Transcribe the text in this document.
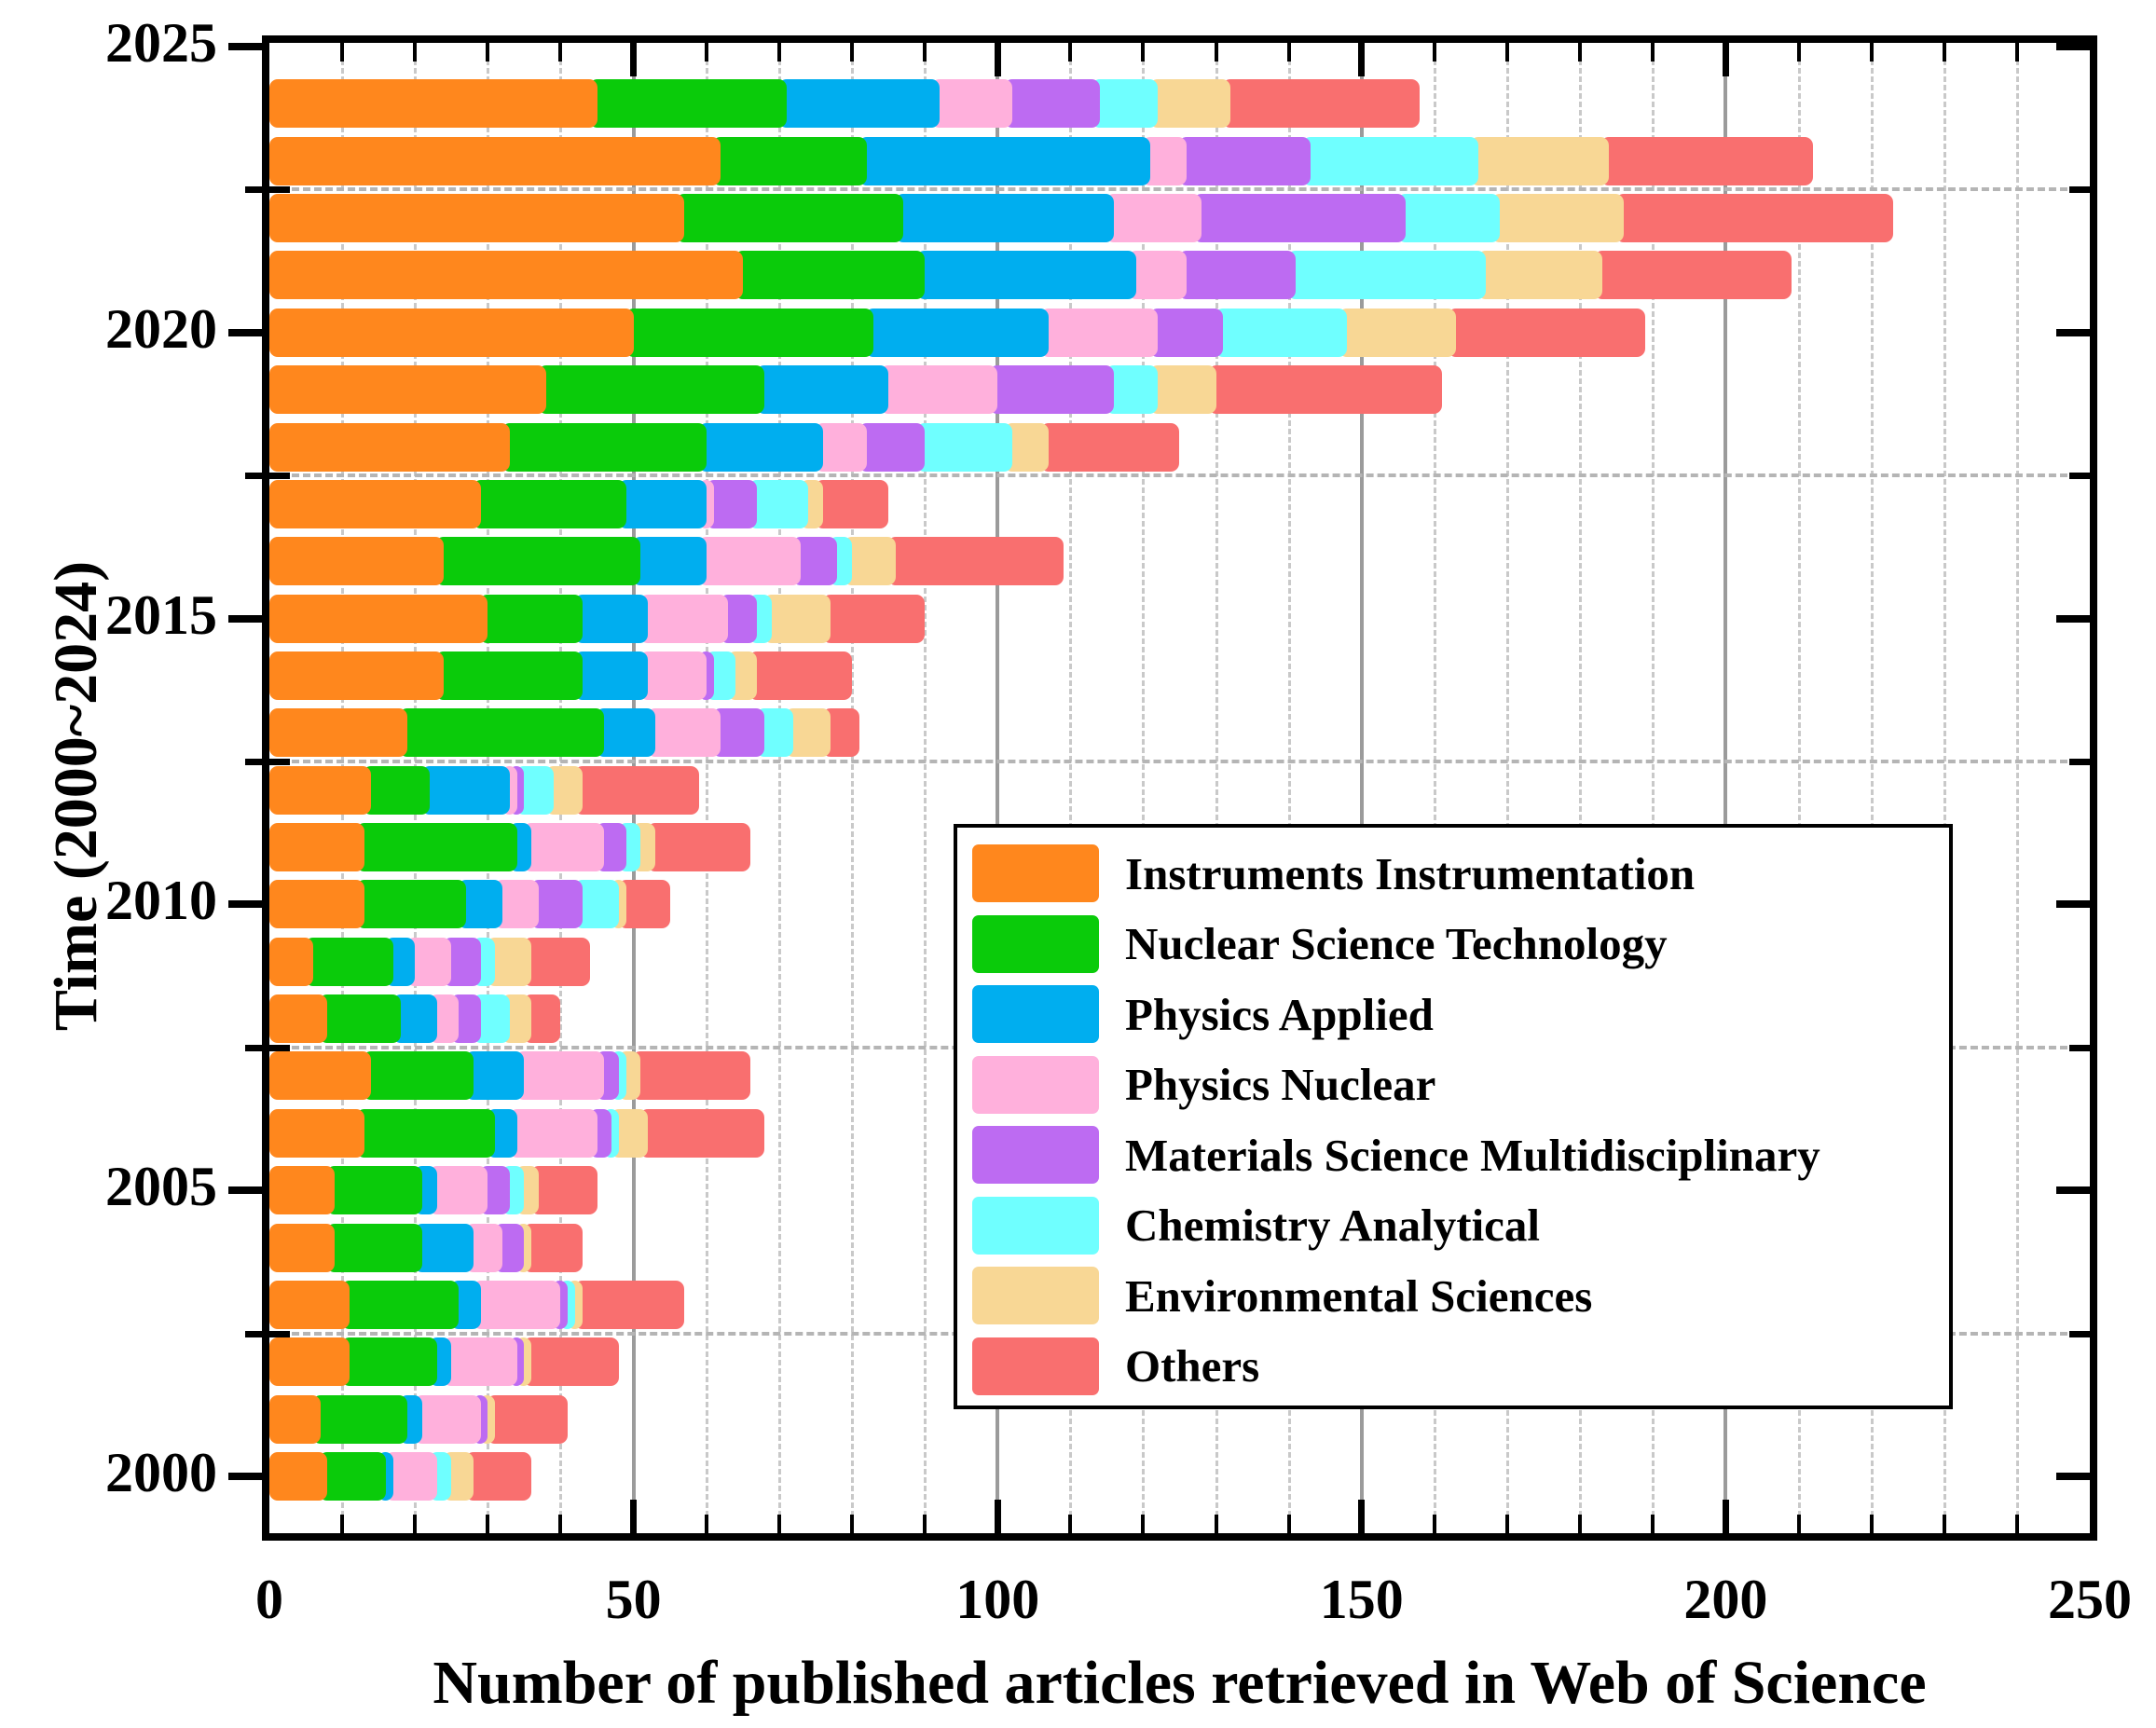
0	50	100	150	200	250
2000
2005
2010
2015
2020
2025
Number of published articles retrieved in Web of Science
Time (2000~2024)	Instruments Instrumentation
Nuclear Science Technology
Physics Applied
Physics Nuclear
Materials Science Multidisciplinary
Chemistry Analytical
Environmental Sciences
Others
